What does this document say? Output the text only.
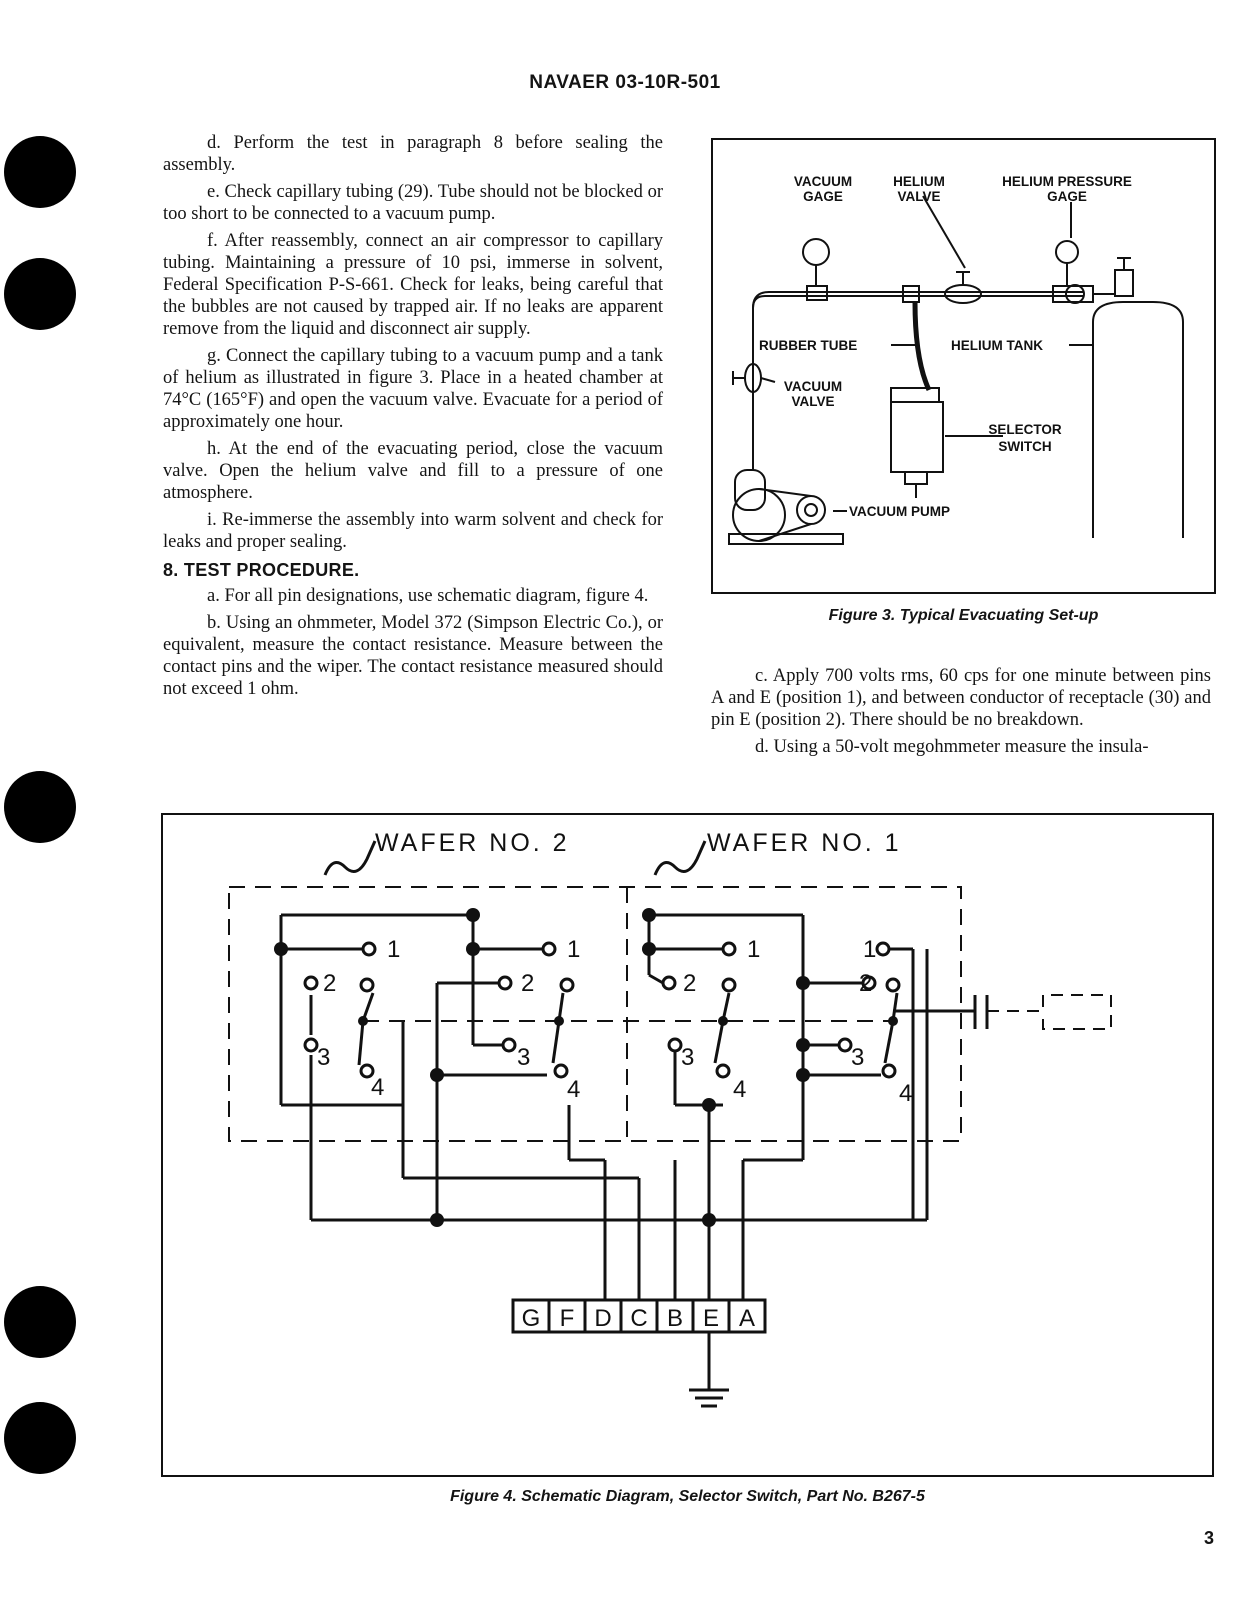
NAVAER 03-10R-501

d. Perform the test in paragraph 8 before sealing the assembly.

e. Check capillary tubing (29). Tube should not be blocked or too short to be connected to a vacuum pump.

f. After reassembly, connect an air compressor to capillary tubing. Maintaining a pressure of 10 psi, immerse in solvent, Federal Specification P-S-661. Check for leaks, being careful that the bubbles are not caused by trapped air. If no leaks are apparent remove from the liquid and disconnect air supply.

g. Connect the capillary tubing to a vacuum pump and a tank of helium as illustrated in figure 3. Place in a heated chamber at 74°C (165°F) and open the vacuum valve. Evacuate for a period of approximately one hour.

h. At the end of the evacuating period, close the vacuum valve. Open the helium valve and fill to a pressure of one atmosphere.

i. Re-immerse the assembly into warm solvent and check for leaks and proper sealing.

8. TEST PROCEDURE.

a. For all pin designations, use schematic diagram, figure 4.

b. Using an ohmmeter, Model 372 (Simpson Electric Co.), or equivalent, measure the contact resistance. Measure between the contact pins and the wiper. The contact resistance measured should not exceed 1 ohm.

c. Apply 700 volts rms, 60 cps for one minute between pins A and E (position 1), and between conductor of receptacle (30) and pin E (position 2). There should be no breakdown.

d. Using a 50-volt megohmmeter measure the insula-

VACUUM
GAGE
HELIUM
VALVE
HELIUM PRESSURE
GAGE
RUBBER TUBE	HELIUM TANK
VACUUM
VALVE
SELECTOR
SWITCH
VACUUM PUMP
Figure 3. Typical Evacuating Set-up
WAFER NO. 2	WAFER NO. 1
1
2
3
4
1
2
3
4
1
2
3
4
1
2
3
4
G F D C B E A
Figure 4. Schematic Diagram, Selector Switch, Part No. B267-5
3
